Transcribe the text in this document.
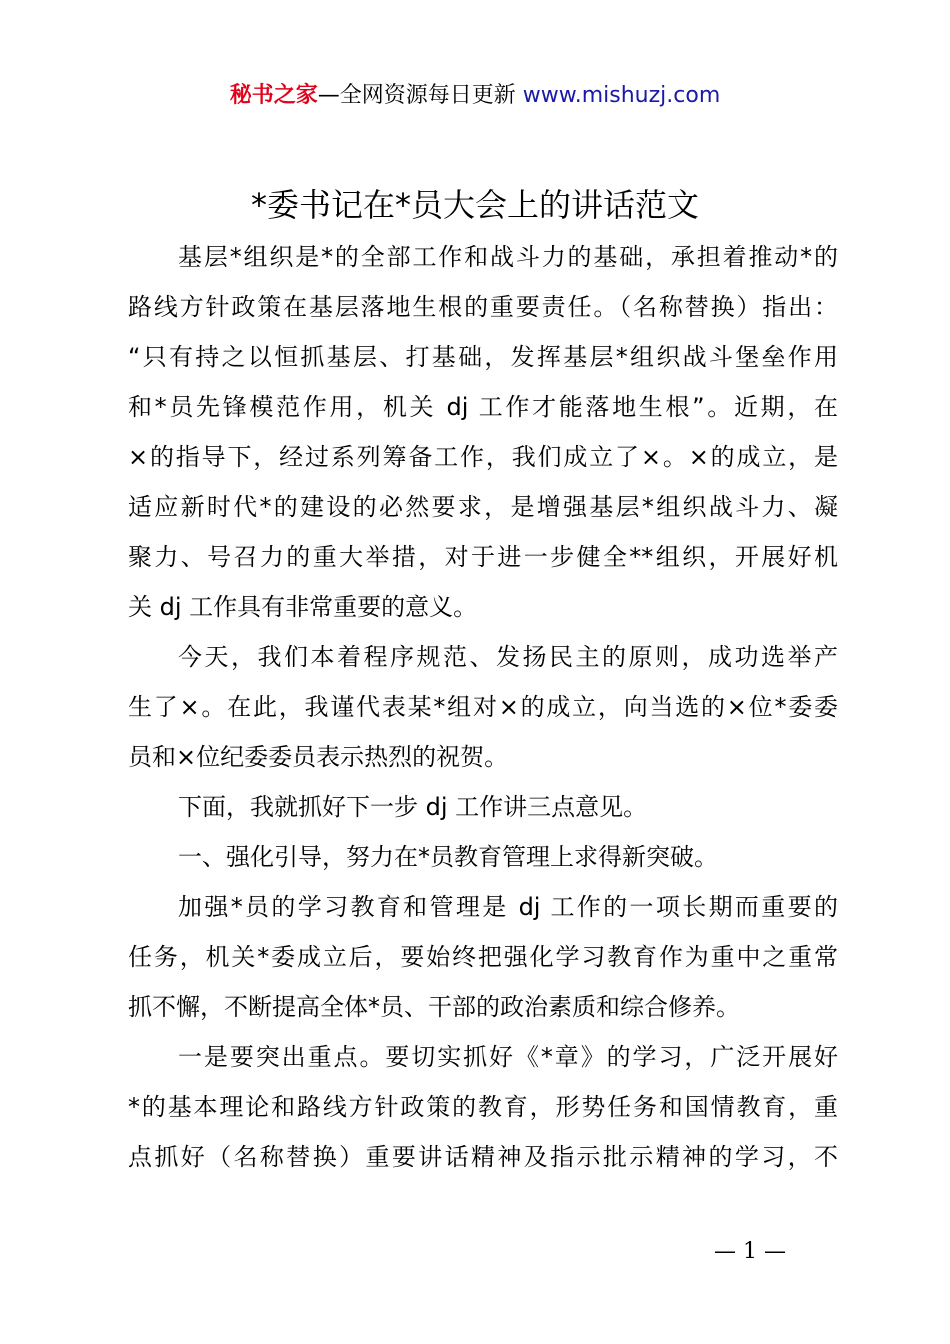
秘书之家—全网资源每日更新 www.mishuzj.com
*委书记在*员大会上的讲话范文
基层*组织是*的全部工作和战斗力的基础，承担着推动*的
路线方针政策在基层落地生根的重要责任。（名称替换）指出：
“只有持之以恒抓基层、打基础，发挥基层*组织战斗堡垒作用
和*员先锋模范作用，机关 dj 工作才能落地生根”。近期，在
×的指导下，经过系列筹备工作，我们成立了×。×的成立，是
适应新时代*的建设的必然要求，是增强基层*组织战斗力、凝
聚力、号召力的重大举措，对于进一步健全**组织，开展好机
关 dj 工作具有非常重要的意义。
今天，我们本着程序规范、发扬民主的原则，成功选举产
生了×。在此，我谨代表某*组对×的成立，向当选的×位*委委
员和×位纪委委员表示热烈的祝贺。
下面，我就抓好下一步 dj 工作讲三点意见。
一、强化引导，努力在*员教育管理上求得新突破。
加强*员的学习教育和管理是 dj 工作的一项长期而重要的
任务，机关*委成立后，要始终把强化学习教育作为重中之重常
抓不懈，不断提高全体*员、干部的政治素质和综合修养。
一是要突出重点。要切实抓好《*章》的学习，广泛开展好
*的基本理论和路线方针政策的教育，形势任务和国情教育，重
点抓好（名称替换）重要讲话精神及指示批示精神的学习，不
— 1 —
